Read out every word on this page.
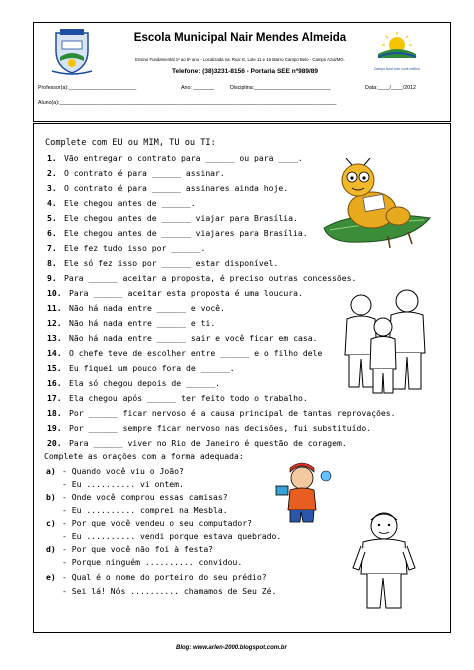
Campo Azul com você melhor
Escola Municipal Nair Mendes Almeida
Ensino Fundamental 1º ao 5º ano - Localizada na: Rua: E, Lote 11 e 16 Bairro Campo Belo - Campo Azul/MG.
Telefone: (38)3231-8156 - Portaria SEE nº989/89
Professor(a):_______________________	Ano: _______	Disciplina:__________________________	Data:____/____/2012
Aluno(a):______________________________________________________________________________________________
Complete com EU ou MIM, TU ou TI:
1. Vão entregar o contrato para ______ ou para ____.
2. O contrato é para ______ assinar.
3. O contrato é para ______ assinares ainda hoje.
4. Ele chegou antes de ______.
5. Ele chegou antes de ______ viajar para Brasília.
6. Ele chegou antes de ______ viajares para Brasília.
7. Ele fez tudo isso por ______.
8. Ele só fez isso por ______ estar disponível.
9. Para ______ aceitar a proposta, é preciso outras concessões.
10. Para ______ aceitar esta proposta é uma loucura.
11. Não há nada entre ______ e você.
12. Não há nada entre ______ e ti.
13. Não há nada entre ______ sair e você ficar em casa.
14. O chefe teve de escolher entre ______ e o filho dele
15. Eu fiquei um pouco fora de ______.
16. Ela só chegou depois de ______.
17. Ela chegou após ______ ter feito todo o trabalho.
18. Por ______ ficar nervoso é a causa principal de tantas reprovações.
19. Por ______ sempre ficar nervoso nas decisões, fui substituído.
20. Para ______ viver no Rio de Janeiro é questão de coragem.
Complete as orações com a forma adequada:
a) - Quando você viu o João?
- Eu .......... vi ontem.
b) - Onde você comprou essas camisas?
- Eu .......... comprei na Mesbla.
c) - Por que você vendeu o seu computador?
- Eu .......... vendi porque estava quebrado.
d) - Por que você não foi à festa?
- Porque ninguém .......... convidou.
e) - Qual é o nome do porteiro do seu prédio?
- Sei lá! Nós .......... chamamos de Seu Zé.
Blog: www.arlen-2000.blogspot.com.br
